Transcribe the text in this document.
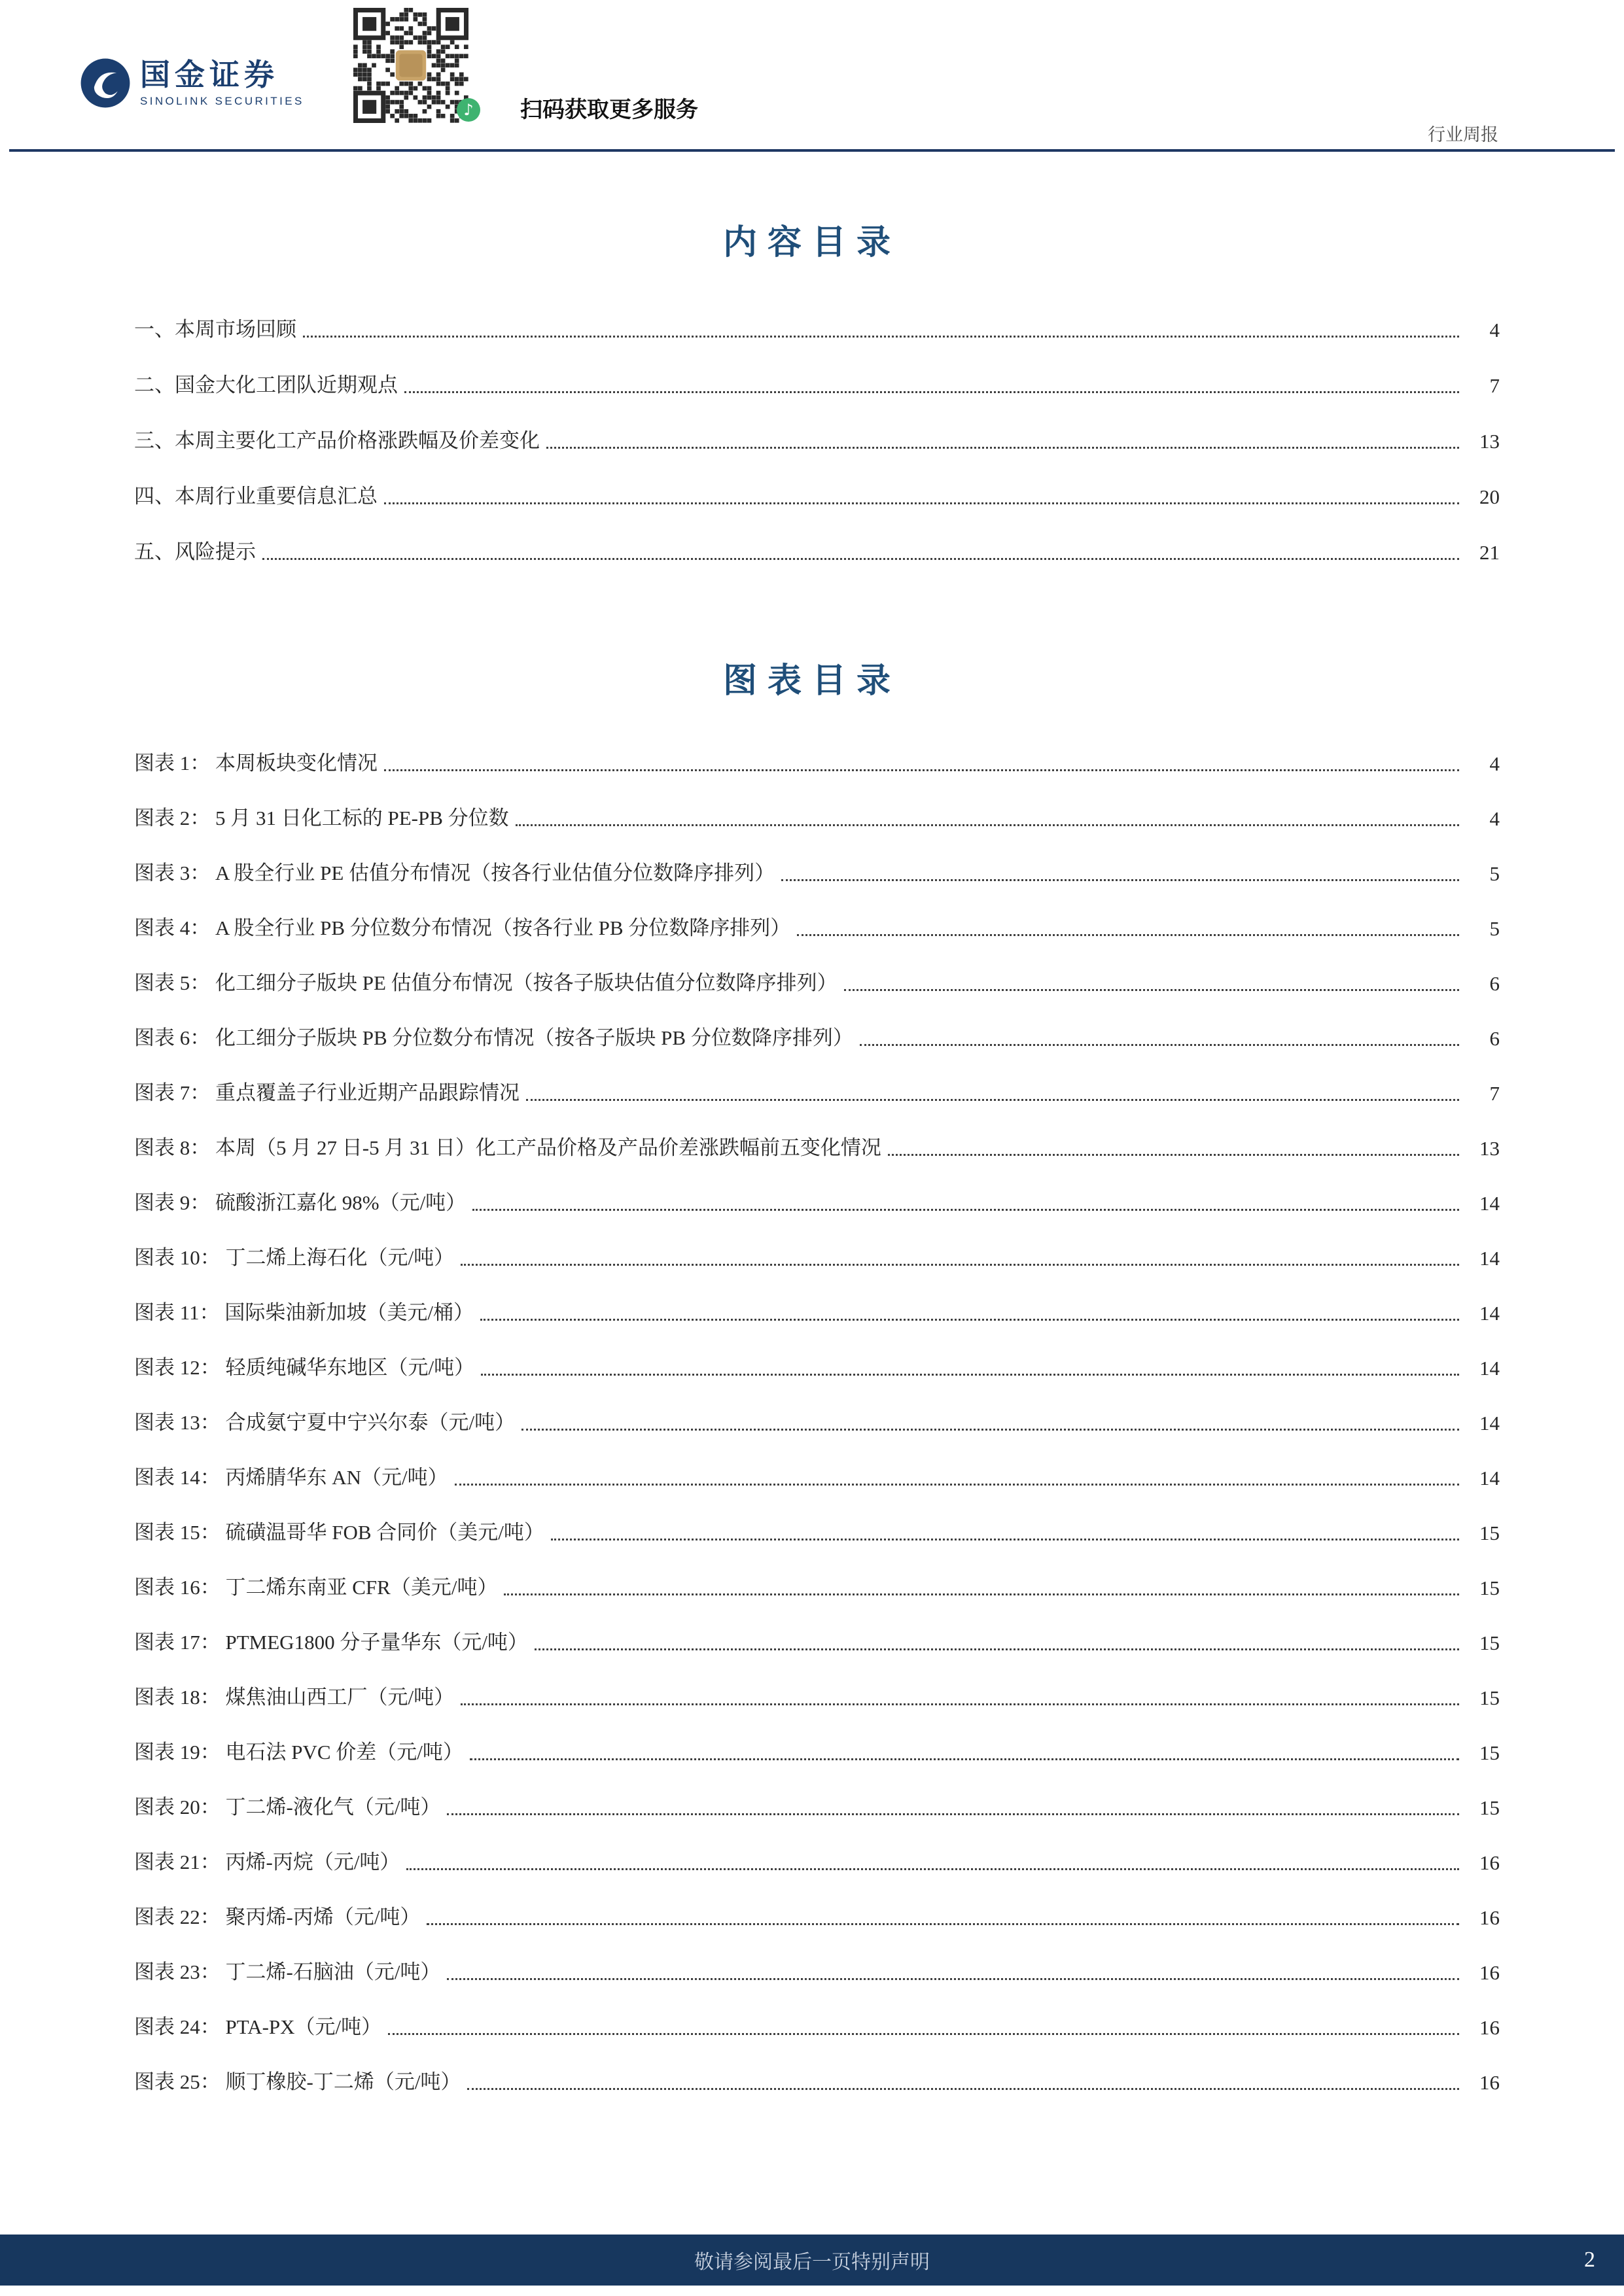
国金证券
SINOLINK SECURITIES	♪	扫码获取更多服务
行业周报
内容目录
一、本周市场回顾	4
二、国金大化工团队近期观点	7
三、本周主要化工产品价格涨跌幅及价差变化	13
四、本周行业重要信息汇总	20
五、风险提示	21
图表目录
图表 1： 本周板块变化情况	4
图表 2： 5 月 31 日化工标的 PE-PB 分位数	4
图表 3： A 股全行业 PE 估值分布情况（按各行业估值分位数降序排列）	5
图表 4： A 股全行业 PB 分位数分布情况（按各行业 PB 分位数降序排列）	5
图表 5： 化工细分子版块 PE 估值分布情况（按各子版块估值分位数降序排列）	6
图表 6： 化工细分子版块 PB 分位数分布情况（按各子版块 PB 分位数降序排列）	6
图表 7： 重点覆盖子行业近期产品跟踪情况	7
图表 8： 本周（5 月 27 日-5 月 31 日）化工产品价格及产品价差涨跌幅前五变化情况	13
图表 9： 硫酸浙江嘉化 98%（元/吨）	14
图表 10： 丁二烯上海石化（元/吨）	14
图表 11： 国际柴油新加坡（美元/桶）	14
图表 12： 轻质纯碱华东地区（元/吨）	14
图表 13： 合成氨宁夏中宁兴尔泰（元/吨）	14
图表 14： 丙烯腈华东 AN（元/吨）	14
图表 15： 硫磺温哥华 FOB 合同价（美元/吨）	15
图表 16： 丁二烯东南亚 CFR（美元/吨）	15
图表 17： PTMEG1800 分子量华东（元/吨）	15
图表 18： 煤焦油山西工厂（元/吨）	15
图表 19： 电石法 PVC 价差（元/吨）	15
图表 20： 丁二烯-液化气（元/吨）	15
图表 21： 丙烯-丙烷（元/吨）	16
图表 22： 聚丙烯-丙烯（元/吨）	16
图表 23： 丁二烯-石脑油（元/吨）	16
图表 24： PTA-PX（元/吨）	16
图表 25： 顺丁橡胶-丁二烯（元/吨）	16
敬请参阅最后一页特别声明	2
